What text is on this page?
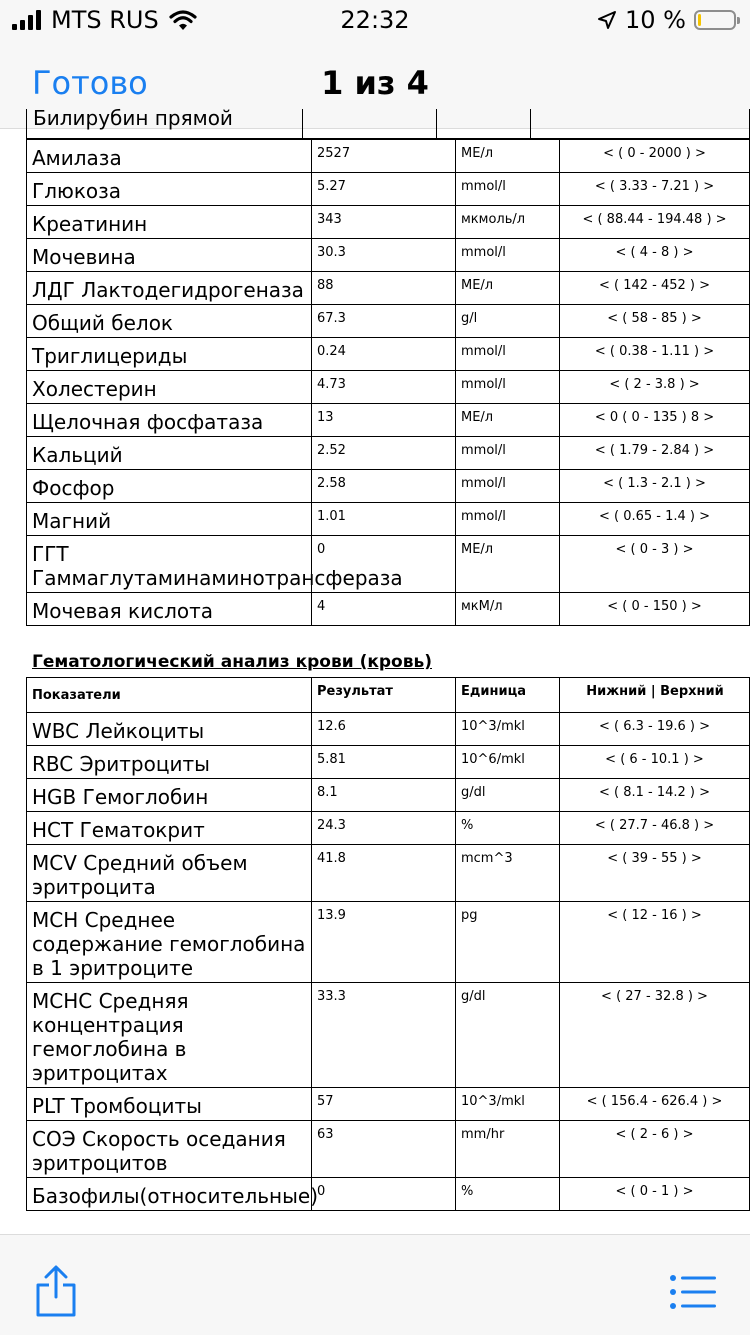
MTS RUS	22:32	10 %
Готово	1 из 4
Билирубин прямой
Амилаза	2527	МЕ/л	< ( 0 - 2000 ) >
Глюкоза	5.27	mmol/l	< ( 3.33 - 7.21 ) >
Креатинин	343	мкмоль/л	< ( 88.44 - 194.48 ) >
Мочевина	30.3	mmol/l	< ( 4 - 8 ) >
ЛДГ Лактодегидрогеназа	88	МЕ/л	< ( 142 - 452 ) >
Общий белок	67.3	g/l	< ( 58 - 85 ) >
Триглицериды	0.24	mmol/l	< ( 0.38 - 1.11 ) >
Холестерин	4.73	mmol/l	< ( 2 - 3.8 ) >
Щелочная фосфатаза	13	МЕ/л	< 0 ( 0 - 135 ) 8 >
Кальций	2.52	mmol/l	< ( 1.79 - 2.84 ) >
Фосфор	2.58	mmol/l	< ( 1.3 - 2.1 ) >
Магний	1.01	mmol/l	< ( 0.65 - 1.4 ) >
ГГТ Гаммаглутаминаминотрансфераза	0	МЕ/л	< ( 0 - 3 ) >
Мочевая кислота	4	мкМ/л	< ( 0 - 150 ) >
Гематологический анализ крови (кровь)
Показатели	Результат	Единица	Нижний | Верхний
WBC Лейкоциты	12.6	10^3/mkl	< ( 6.3 - 19.6 ) >
RBC Эритроциты	5.81	10^6/mkl	< ( 6 - 10.1 ) >
HGB Гемоглобин	8.1	g/dl	< ( 8.1 - 14.2 ) >
HCT Гематокрит	24.3	%	< ( 27.7 - 46.8 ) >
MCV Средний объем эритроцита	41.8	mcm^3	< ( 39 - 55 ) >
MCH Среднее содержание гемоглобина в 1 эритроците	13.9	pg	< ( 12 - 16 ) >
MCHC Средняя концентрация гемоглобина в эритроцитах	33.3	g/dl	< ( 27 - 32.8 ) >
PLT Тромбоциты	57	10^3/mkl	< ( 156.4 - 626.4 ) >
СОЭ Скорость оседания эритроцитов	63	mm/hr	< ( 2 - 6 ) >
Базофилы(относительные)	0	%	< ( 0 - 1 ) >
